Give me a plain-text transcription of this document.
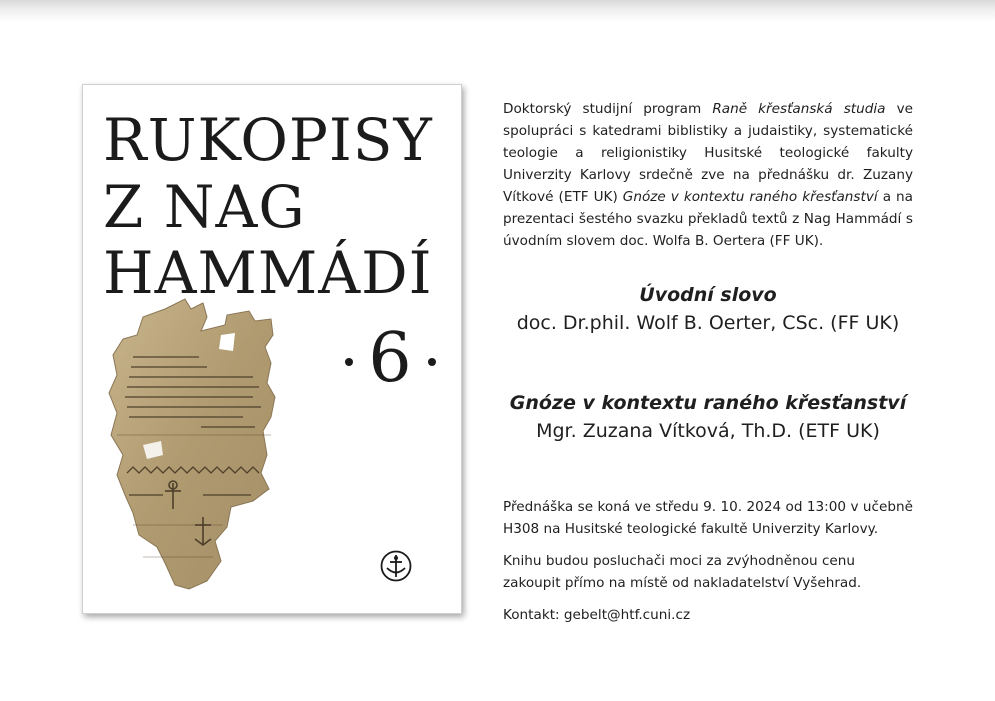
RUKOPISY
Z NAG
HAMMÁDÍ
6

Doktorský studijní program Raně křesťanská studia ve spolupráci s katedrami biblistiky a judaistiky, systematické teologie a religionistiky Husitské teologické fakulty Univerzity Karlovy srdečně zve na přednášku dr. Zuzany Vítkové (ETF UK) Gnóze v kontextu raného křesťanství a na prezentaci šestého svazku překladů textů z Nag Hammádí s úvodním slovem doc. Wolfa B. Oertera (FF UK).

Úvodní slovo
doc. Dr.phil. Wolf B. Oerter, CSc. (FF UK)
Gnóze v kontextu raného křesťanství
Mgr. Zuzana Vítková, Th.D. (ETF UK)

Přednáška se koná ve středu 9. 10. 2024 od 13:00 v učebně H308 na Husitské teologické fakultě Univerzity Karlovy.

Knihu budou posluchači moci za zvýhodněnou cenu zakoupit přímo na místě od nakladatelství Vyšehrad.

Kontakt: gebelt@htf.cuni.cz
